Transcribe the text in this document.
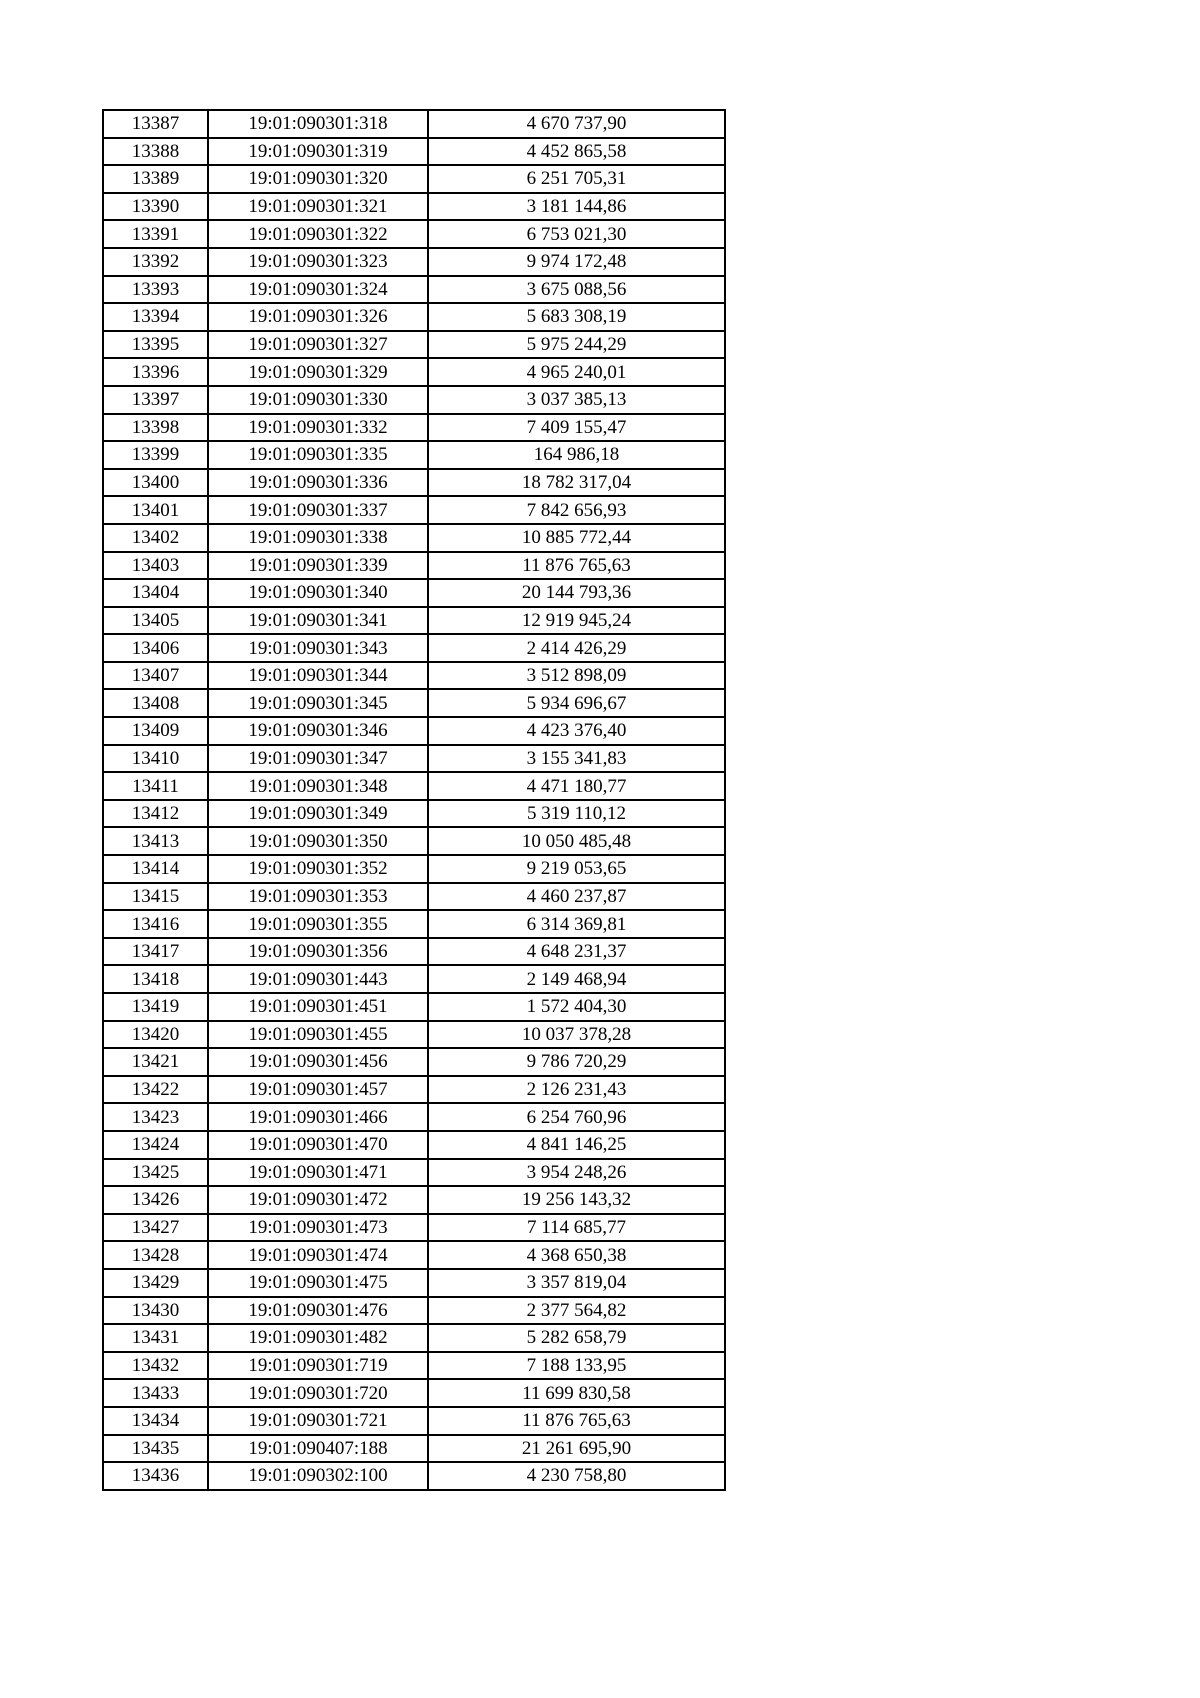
13387	19:01:090301:318	4 670 737,90
13388	19:01:090301:319	4 452 865,58
13389	19:01:090301:320	6 251 705,31
13390	19:01:090301:321	3 181 144,86
13391	19:01:090301:322	6 753 021,30
13392	19:01:090301:323	9 974 172,48
13393	19:01:090301:324	3 675 088,56
13394	19:01:090301:326	5 683 308,19
13395	19:01:090301:327	5 975 244,29
13396	19:01:090301:329	4 965 240,01
13397	19:01:090301:330	3 037 385,13
13398	19:01:090301:332	7 409 155,47
13399	19:01:090301:335	164 986,18
13400	19:01:090301:336	18 782 317,04
13401	19:01:090301:337	7 842 656,93
13402	19:01:090301:338	10 885 772,44
13403	19:01:090301:339	11 876 765,63
13404	19:01:090301:340	20 144 793,36
13405	19:01:090301:341	12 919 945,24
13406	19:01:090301:343	2 414 426,29
13407	19:01:090301:344	3 512 898,09
13408	19:01:090301:345	5 934 696,67
13409	19:01:090301:346	4 423 376,40
13410	19:01:090301:347	3 155 341,83
13411	19:01:090301:348	4 471 180,77
13412	19:01:090301:349	5 319 110,12
13413	19:01:090301:350	10 050 485,48
13414	19:01:090301:352	9 219 053,65
13415	19:01:090301:353	4 460 237,87
13416	19:01:090301:355	6 314 369,81
13417	19:01:090301:356	4 648 231,37
13418	19:01:090301:443	2 149 468,94
13419	19:01:090301:451	1 572 404,30
13420	19:01:090301:455	10 037 378,28
13421	19:01:090301:456	9 786 720,29
13422	19:01:090301:457	2 126 231,43
13423	19:01:090301:466	6 254 760,96
13424	19:01:090301:470	4 841 146,25
13425	19:01:090301:471	3 954 248,26
13426	19:01:090301:472	19 256 143,32
13427	19:01:090301:473	7 114 685,77
13428	19:01:090301:474	4 368 650,38
13429	19:01:090301:475	3 357 819,04
13430	19:01:090301:476	2 377 564,82
13431	19:01:090301:482	5 282 658,79
13432	19:01:090301:719	7 188 133,95
13433	19:01:090301:720	11 699 830,58
13434	19:01:090301:721	11 876 765,63
13435	19:01:090407:188	21 261 695,90
13436	19:01:090302:100	4 230 758,80
